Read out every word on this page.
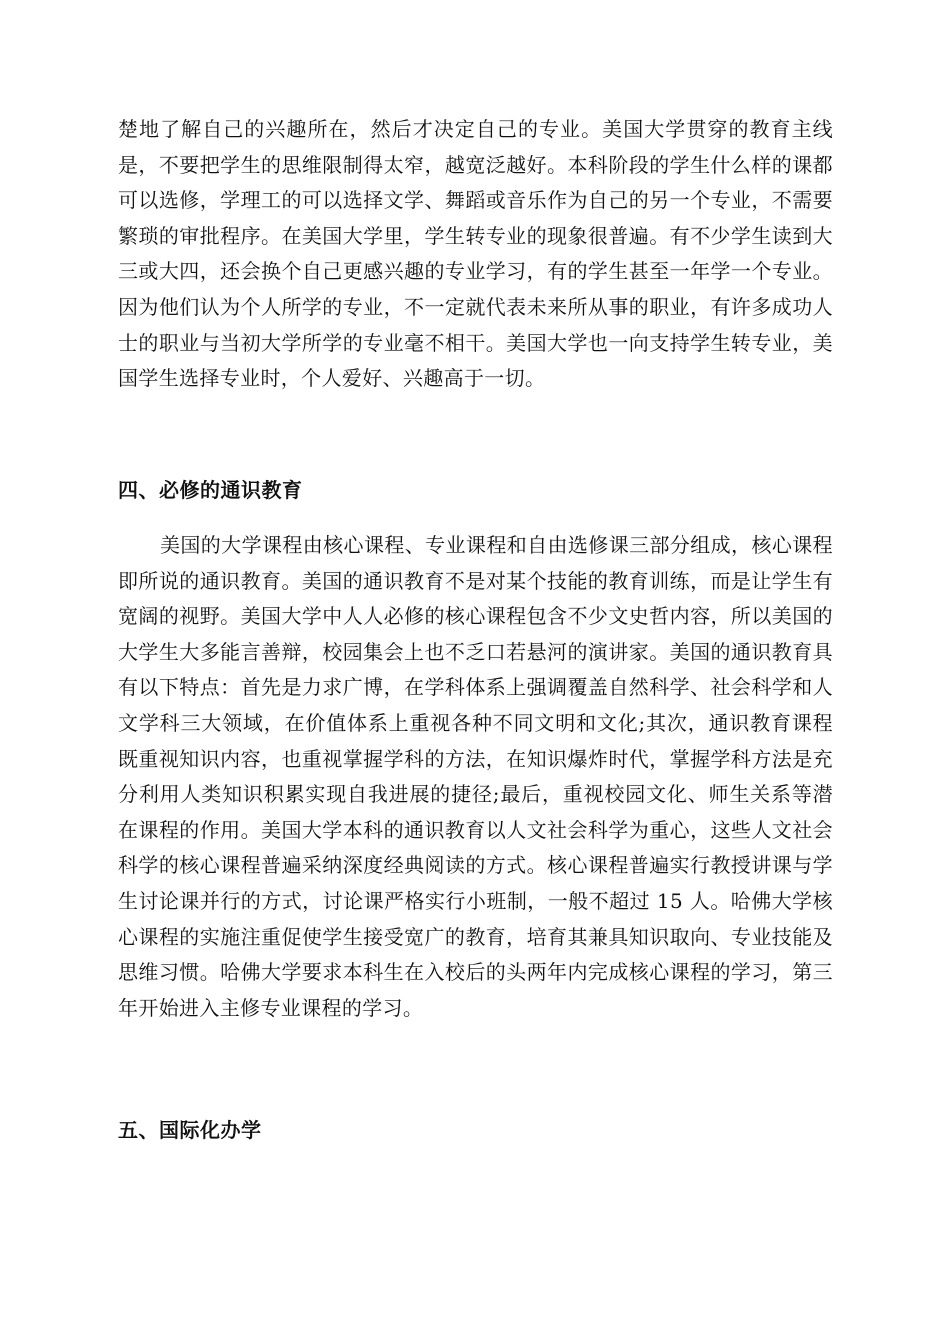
楚地了解自己的兴趣所在，然后才决定自己的专业。美国大学贯穿的教育主线是，不要把学生的思维限制得太窄，越宽泛越好。本科阶段的学生什么样的课都可以选修，学理工的可以选择文学、舞蹈或音乐作为自己的另一个专业，不需要繁琐的审批程序。在美国大学里，学生转专业的现象很普遍。有不少学生读到大三或大四，还会换个自己更感兴趣的专业学习，有的学生甚至一年学一个专业。因为他们认为个人所学的专业，不一定就代表未来所从事的职业，有许多成功人士的职业与当初大学所学的专业毫不相干。美国大学也一向支持学生转专业，美国学生选择专业时，个人爱好、兴趣高于一切。

四、必修的通识教育

美国的大学课程由核心课程、专业课程和自由选修课三部分组成，核心课程即所说的通识教育。美国的通识教育不是对某个技能的教育训练，而是让学生有宽阔的视野。美国大学中人人必修的核心课程包含不少文史哲内容，所以美国的大学生大多能言善辩，校园集会上也不乏口若悬河的演讲家。美国的通识教育具有以下特点：首先是力求广博，在学科体系上强调覆盖自然科学、社会科学和人文学科三大领域，在价值体系上重视各种不同文明和文化;其次，通识教育课程既重视知识内容，也重视掌握学科的方法，在知识爆炸时代，掌握学科方法是充分利用人类知识积累实现自我进展的捷径;最后，重视校园文化、师生关系等潜在课程的作用。美国大学本科的通识教育以人文社会科学为重心，这些人文社会科学的核心课程普遍采纳深度经典阅读的方式。核心课程普遍实行教授讲课与学生讨论课并行的方式，讨论课严格实行小班制，一般不超过 15 人。哈佛大学核心课程的实施注重促使学生接受宽广的教育，培育其兼具知识取向、专业技能及思维习惯。哈佛大学要求本科生在入校后的头两年内完成核心课程的学习，第三年开始进入主修专业课程的学习。

五、国际化办学
